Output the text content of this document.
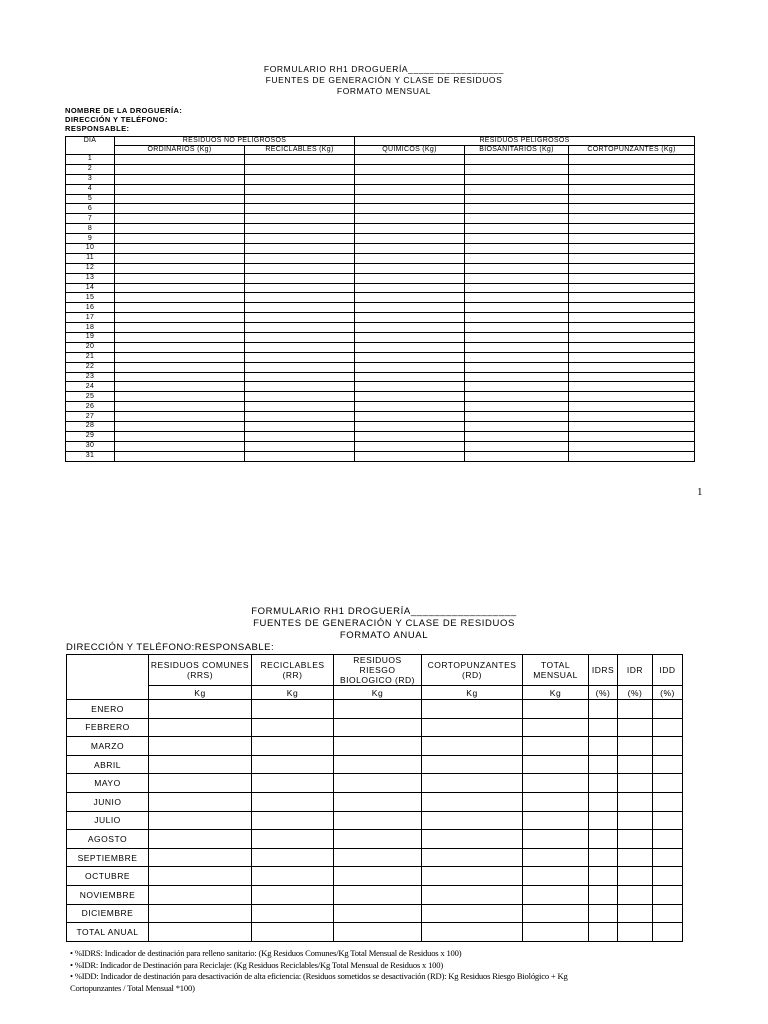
FORMULARIO RH1 DROGUERÍA__________________
FUENTES DE GENERACIÓN Y CLASE DE RESIDUOS
FORMATO MENSUAL
NOMBRE DE LA DROGUERÍA:
DIRECCIÓN Y TELÉFONO:
RESPONSABLE:
DIA	RESIDUOS NO PELIGROSOS		RESIDUOS PELIGROSOS		
	ORDINARIOS (Kg)	RECICLABLES (Kg)	QUIMICOS (Kg)	BIOSANITARIOS (Kg)	CORTOPUNZANTES (Kg)
1					
2					
3					
4					
5					
6					
7					
8					
9					
10					
11					
12					
13					
14					
15					
16					
17					
18					
19					
20					
21					
22					
23					
24					
25					
26					
27					
28					
29					
30					
31					
1
FORMULARIO RH1 DROGUERÍA__________________
FUENTES DE GENERACIÓN Y CLASE DE RESIDUOS
FORMATO ANUAL
DIRECCIÓN Y TELÉFONO:RESPONSABLE:
	RESIDUOS COMUNES (RRS)	RECICLABLES (RR)	RESIDUOS RIESGO BIOLOGICO (RD)	CORTOPUNZANTES (RD)	TOTAL MENSUAL	IDRS	IDR	IDD
	Kg	Kg	Kg	Kg	Kg	(%)	(%)	(%)
ENERO								
FEBRERO								
MARZO								
ABRIL								
MAYO								
JUNIO								
JULIO								
AGOSTO								
SEPTIEMBRE								
OCTUBRE								
NOVIEMBRE								
DICIEMBRE								
TOTAL ANUAL								
• %IDRS: Indicador de destinación para relleno sanitario: (Kg Residuos Comunes/Kg Total Mensual de Residuos x 100)
• %IDR: Indicador de Destinación para Reciclaje: (Kg Residuos Reciclables/Kg Total Mensual de Residuos x 100)
• %IDD: Indicador de destinación para desactivación de alta eficiencia: (Residuos sometidos se desactivación (RD): Kg Residuos Riesgo Biológico + Kg
Cortopunzantes / Total Mensual *100)
